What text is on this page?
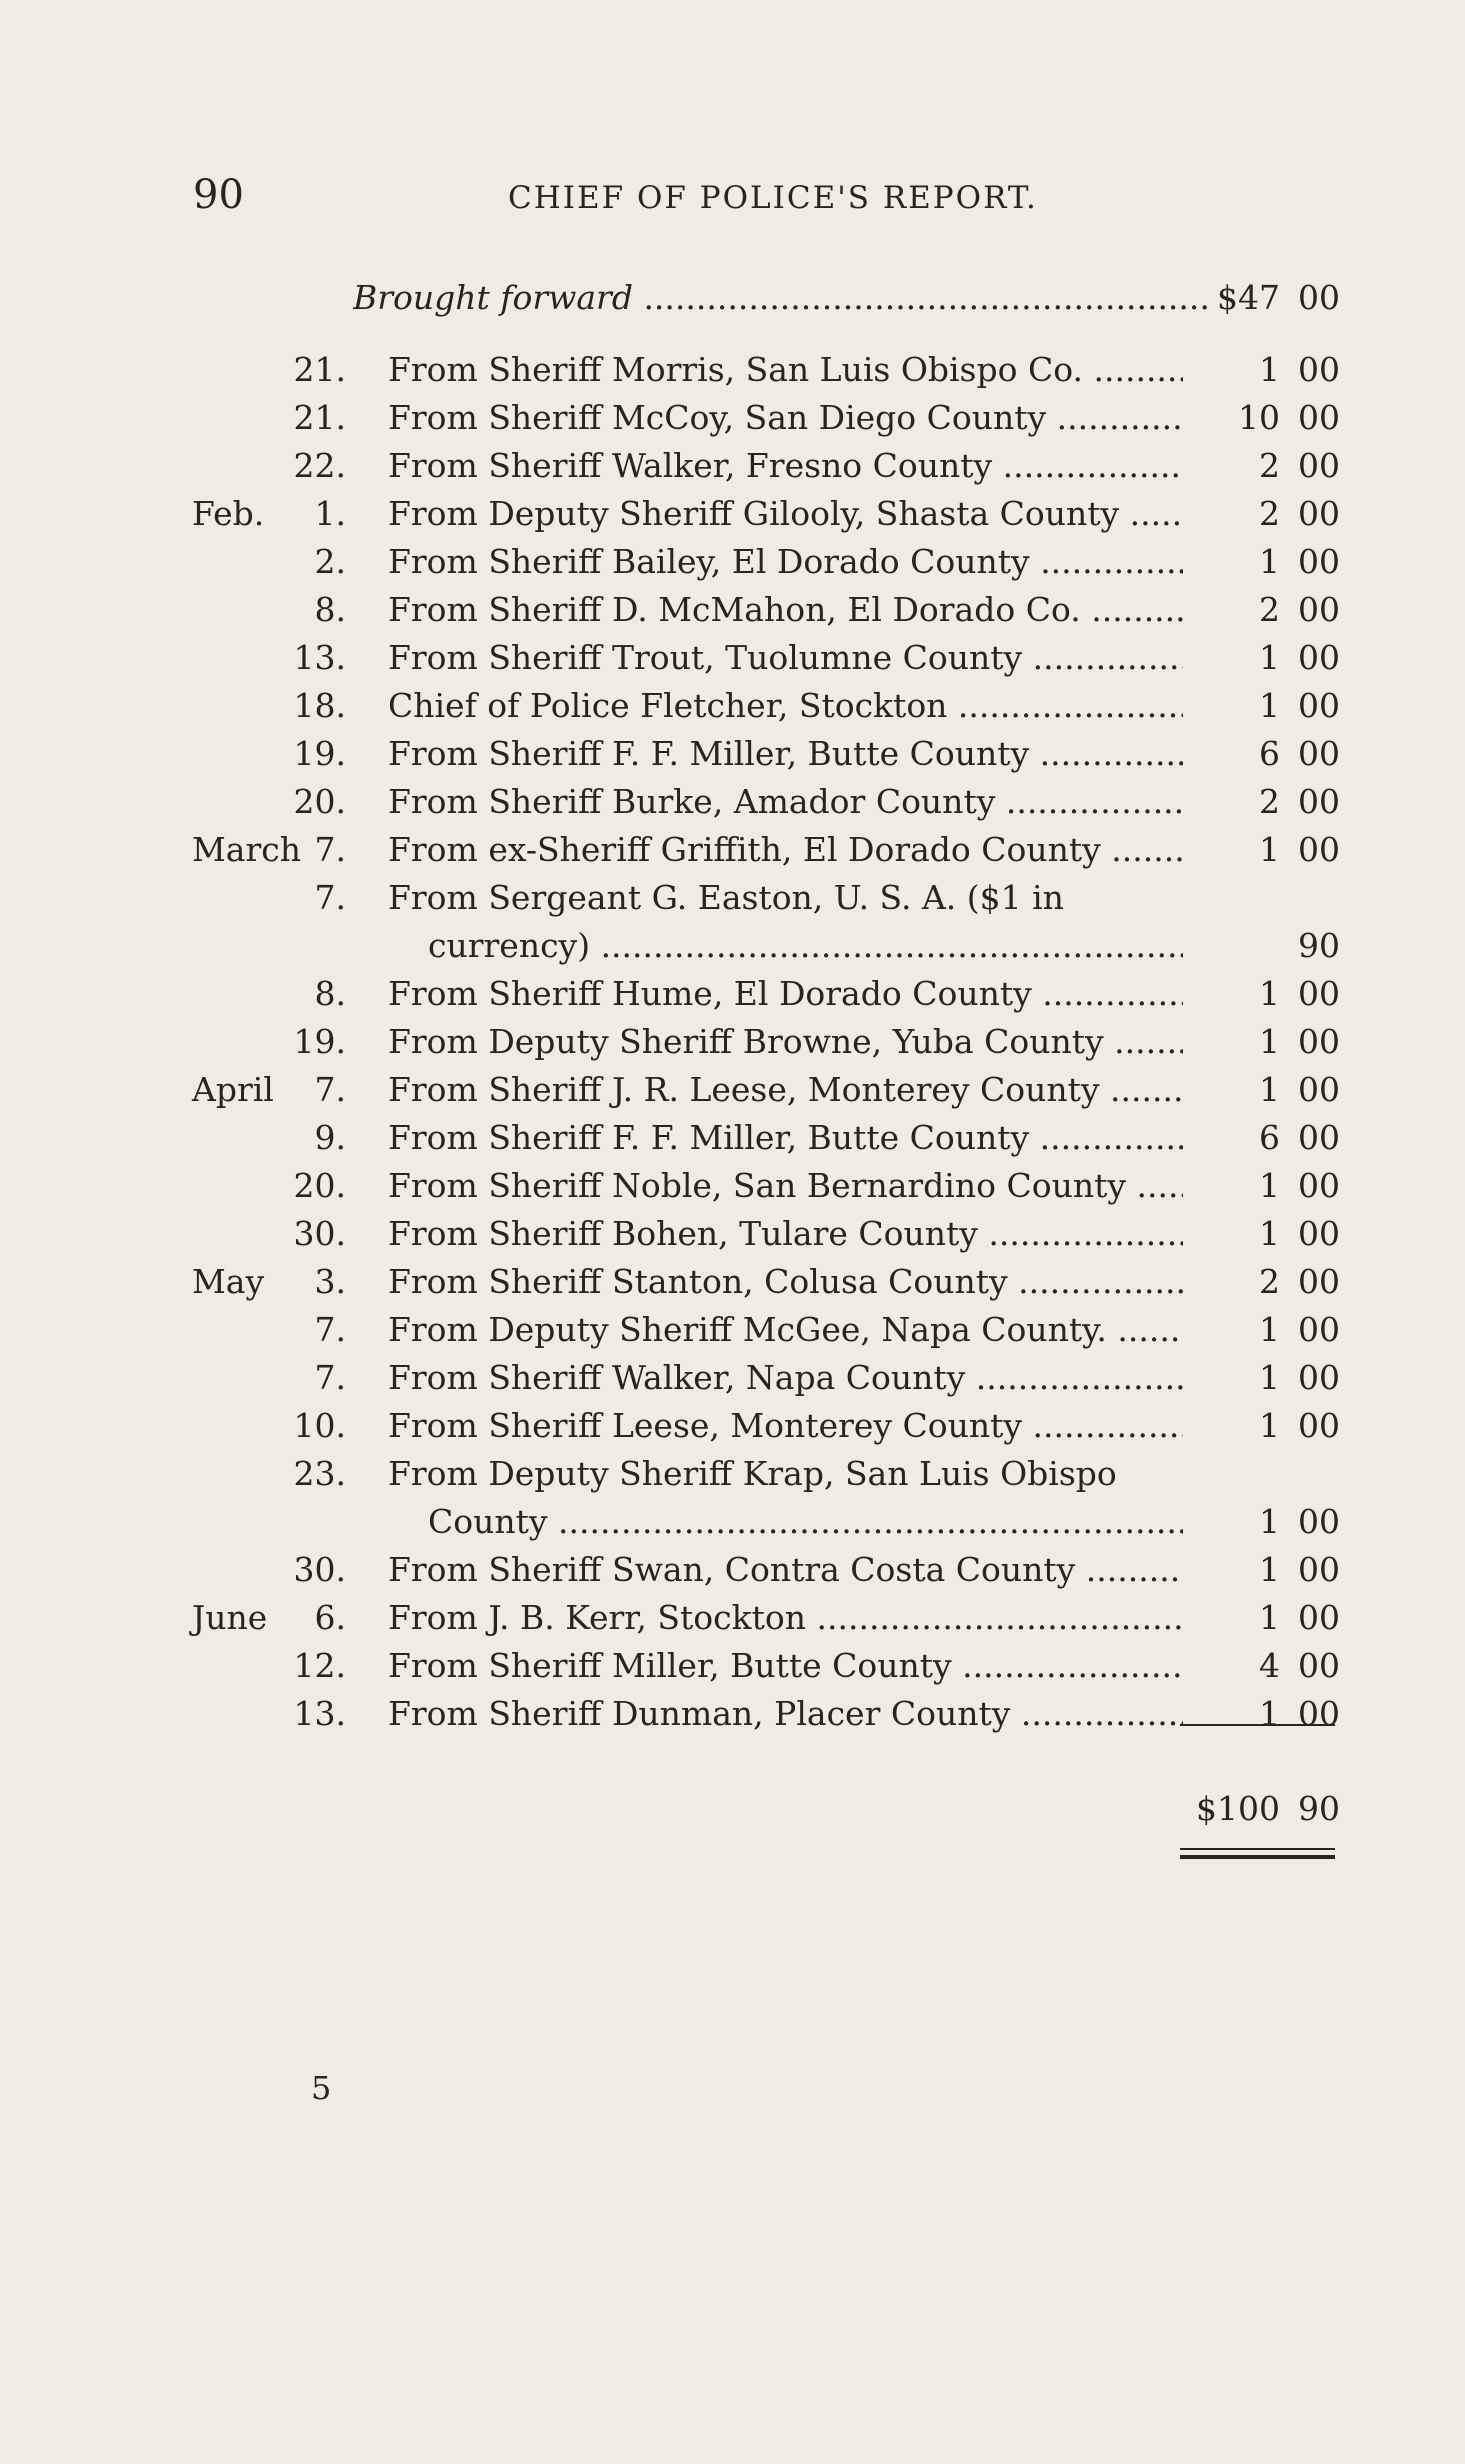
90	CHIEF OF POLICE'S REPORT.
Brought forward .....	$47 00
21. From Sheriff Morris, San Luis Obispo Co. .....	1 00
21. From Sheriff McCoy, San Diego County .....	10 00
22. From Sheriff Walker, Fresno County .....	2 00
Feb.	1. From Deputy Sheriff Gilooly, Shasta County .....	2 00
2. From Sheriff Bailey, El Dorado County .....	1 00
8. From Sheriff D. McMahon, El Dorado Co. .....	2 00
13. From Sheriff Trout, Tuolumne County .....	1 00
18. Chief of Police Fletcher, Stockton .....	1 00
19. From Sheriff F. F. Miller, Butte County .....	6 00
20. From Sheriff Burke, Amador County .....	2 00
March 7. From ex-Sheriff Griffith, El Dorado County .....	1 00
7. From Sergeant G. Easton, U. S. A. ($1 in
currency) .....	90
8. From Sheriff Hume, El Dorado County .....	1 00
19. From Deputy Sheriff Browne, Yuba County .....	1 00
April	7. From Sheriff J. R. Leese, Monterey County .....	1 00
9. From Sheriff F. F. Miller, Butte County .....	6 00
20. From Sheriff Noble, San Bernardino County .....	1 00
30. From Sheriff Bohen, Tulare County .....	1 00
May	3. From Sheriff Stanton, Colusa County .....	2 00
7. From Deputy Sheriff McGee, Napa County. .....	1 00
7. From Sheriff Walker, Napa County .....	1 00
10. From Sheriff Leese, Monterey County .....	1 00
23. From Deputy Sheriff Krap, San Luis Obispo
County .....	1 00
30. From Sheriff Swan, Contra Costa County .....	1 00
June	6. From J. B. Kerr, Stockton .....	1 00
12. From Sheriff Miller, Butte County .....	4 00
13. From Sheriff Dunman, Placer County .....	1 00
$100 90
5
